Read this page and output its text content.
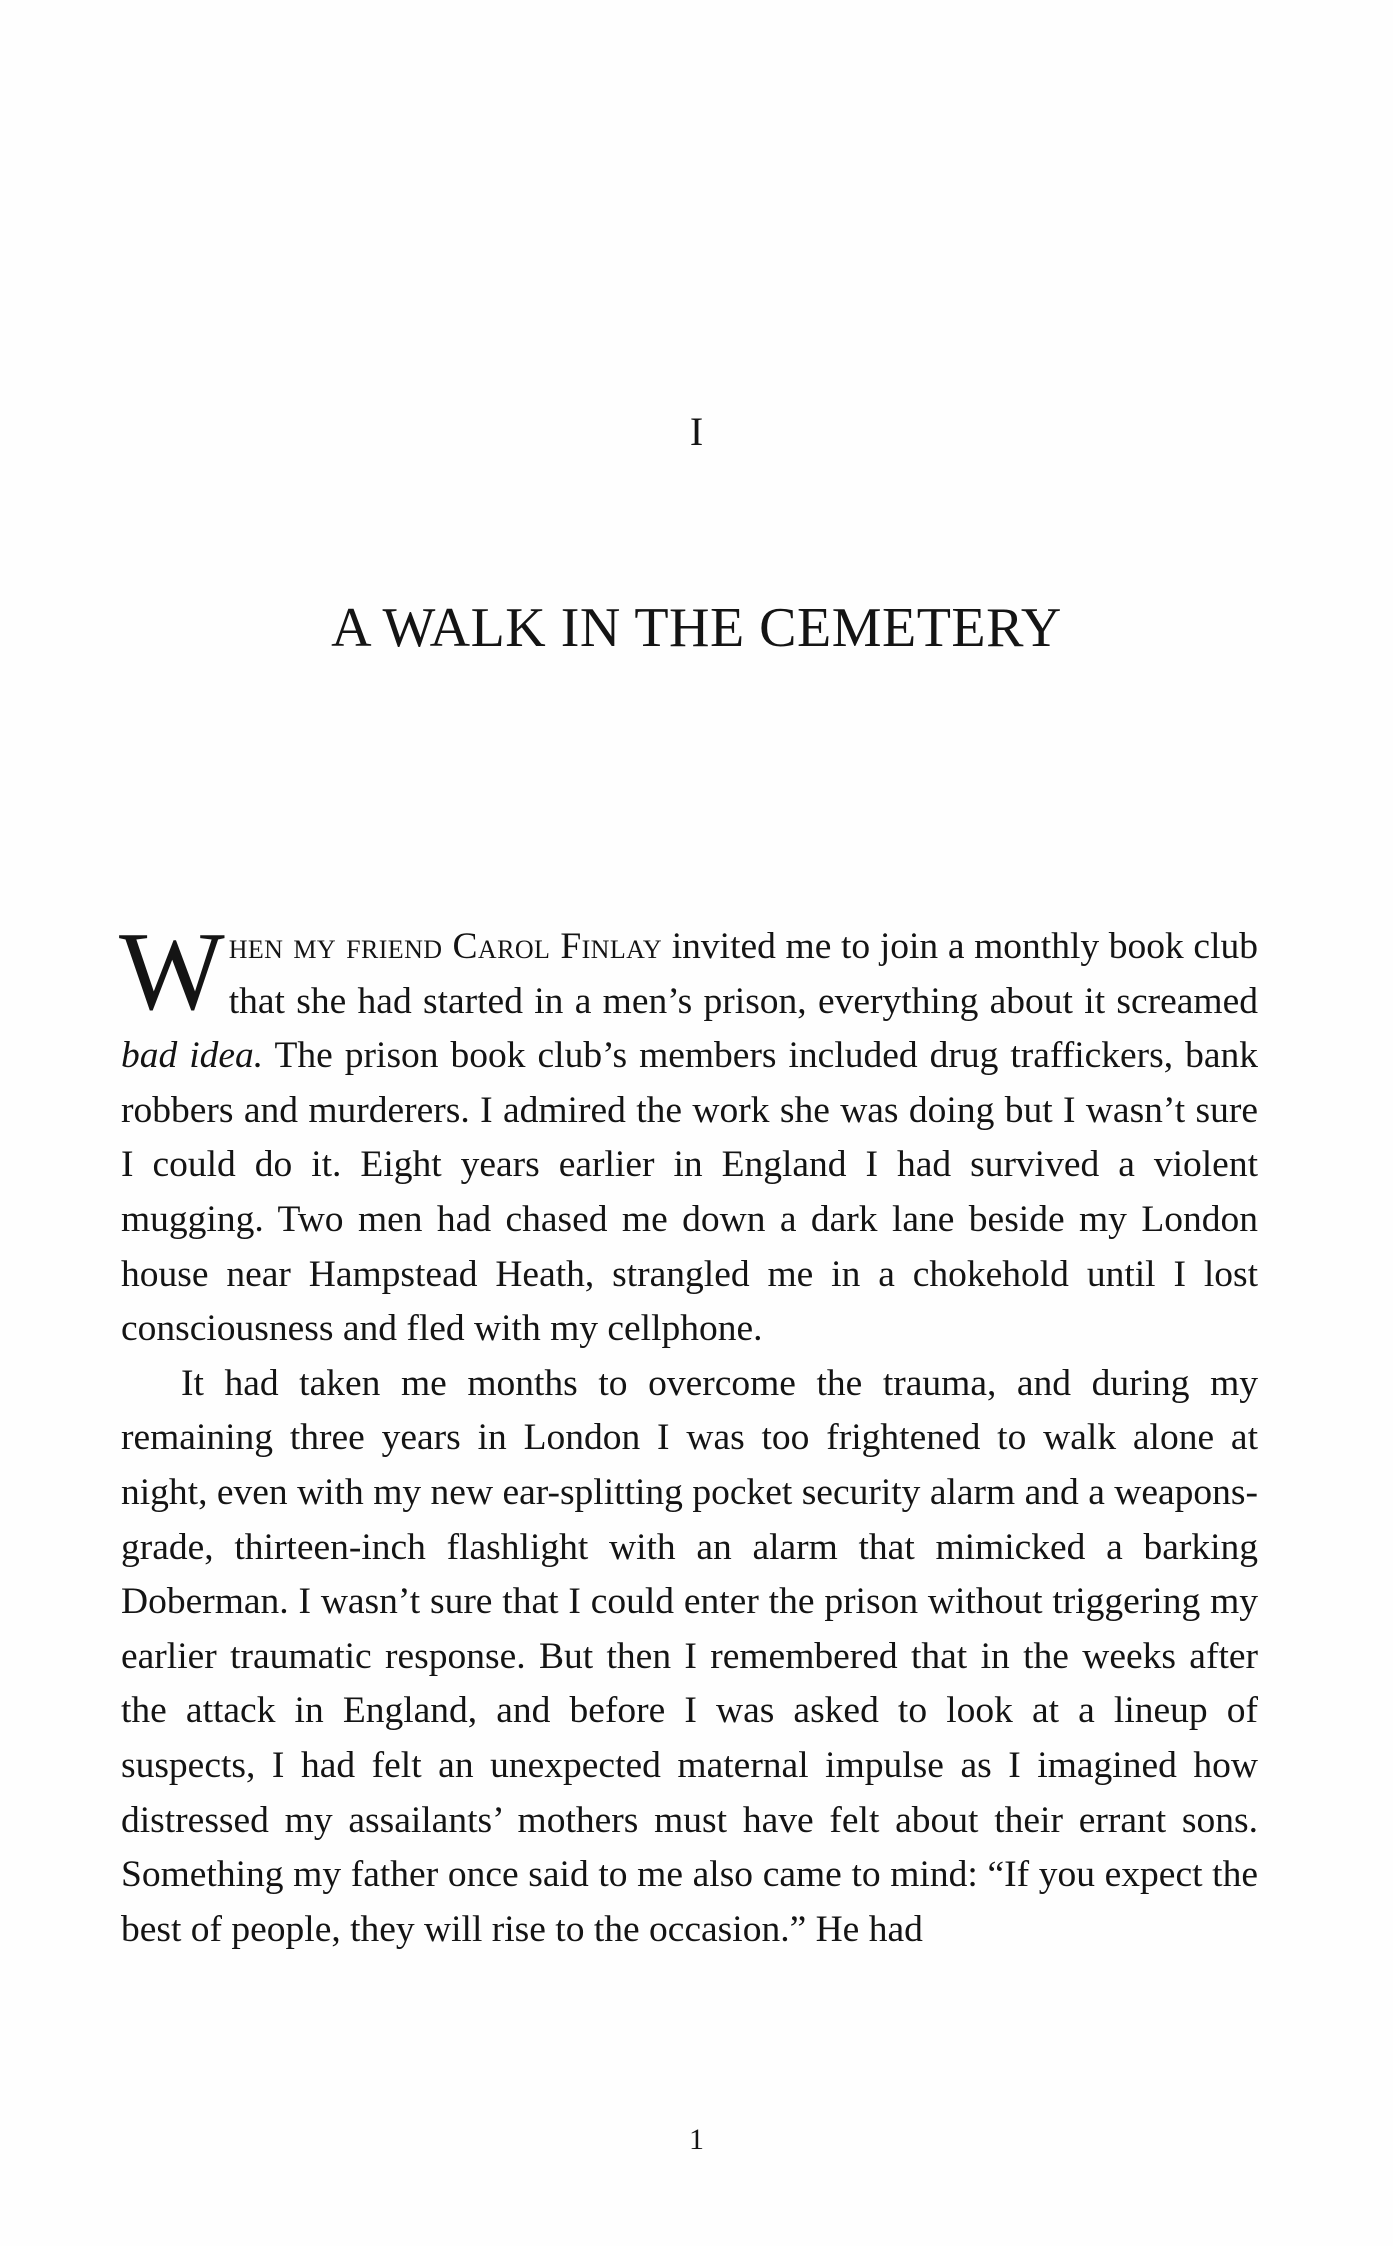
I
A WALK IN THE CEMETERY

When my friend Carol Finlay invited me to join a monthly book club that she had started in a men’s prison, everything about it screamed bad idea. The prison book club’s members included drug traffickers, bank robbers and murderers. I admired the work she was doing but I wasn’t sure I could do it. Eight years earlier in England I had survived a violent mugging. Two men had chased me down a dark lane beside my London house near Hampstead Heath, strangled me in a chokehold until I lost consciousness and fled with my cellphone.

It had taken me months to overcome the trauma, and during my remaining three years in London I was too frightened to walk alone at night, even with my new ear-splitting pocket security alarm and a weapons-grade, thirteen-inch flashlight with an alarm that mimicked a barking Doberman. I wasn’t sure that I could enter the prison without triggering my earlier traumatic response. But then I remembered that in the weeks after the attack in England, and before I was asked to look at a lineup of suspects, I had felt an unexpected maternal impulse as I imagined how distressed my assailants’ mothers must have felt about their errant sons. Something my father once said to me also came to mind: “If you expect the best of people, they will rise to the occasion.” He had

1
